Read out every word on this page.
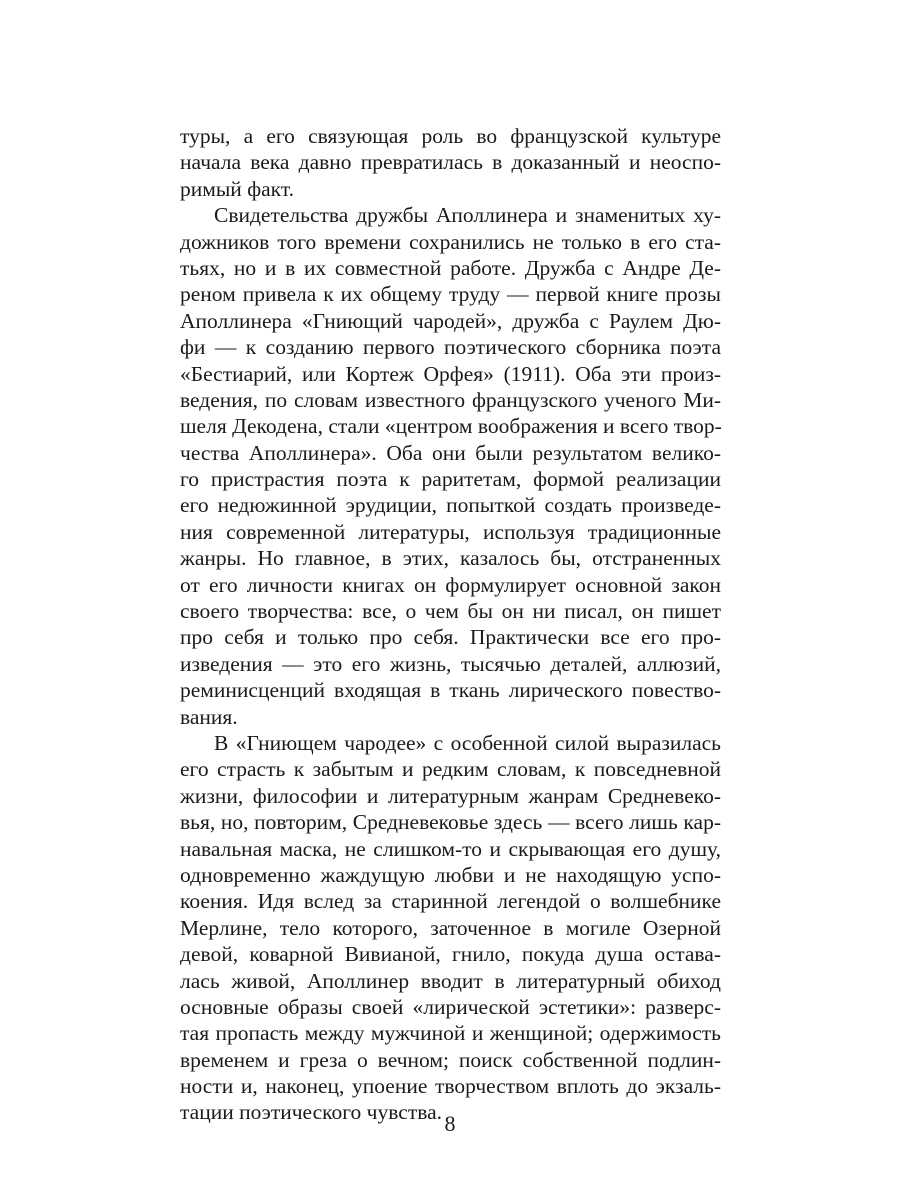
туры, а его связующая роль во французской культуре
начала века давно превратилась в доказанный и неоспо-
римый факт.
Свидетельства дружбы Аполлинера и знаменитых ху-
дожников того времени сохранились не только в его ста-
тьях, но и в их совместной работе. Дружба с Андре Де-
реном привела к их общему труду — первой книге прозы
Аполлинера «Гниющий чародей», дружба с Раулем Дю-
фи — к созданию первого поэтического сборника поэта
«Бестиарий, или Кортеж Орфея» (1911). Оба эти произ-
ведения, по словам известного французского ученого Ми-
шеля Декодена, стали «центром воображения и всего твор-
чества Аполлинера». Оба они были результатом велико-
го пристрастия поэта к раритетам, формой реализации
его недюжинной эрудиции, попыткой создать произведе-
ния современной литературы, используя традиционные
жанры. Но главное, в этих, казалось бы, отстраненных
от его личности книгах он формулирует основной закон
своего творчества: все, о чем бы он ни писал, он пишет
про себя и только про себя. Практически все его про-
изведения — это его жизнь, тысячью деталей, аллюзий,
реминисценций входящая в ткань лирического повество-
вания.
В «Гниющем чародее» с особенной силой выразилась
его страсть к забытым и редким словам, к повседневной
жизни, философии и литературным жанрам Средневеко-
вья, но, повторим, Средневековье здесь — всего лишь кар-
навальная маска, не слишком-то и скрывающая его душу,
одновременно жаждущую любви и не находящую успо-
коения. Идя вслед за старинной легендой о волшебнике
Мерлине, тело которого, заточенное в могиле Озерной
девой, коварной Вивианой, гнило, покуда душа остава-
лась живой, Аполлинер вводит в литературный обиход
основные образы своей «лирической эстетики»: разверс-
тая пропасть между мужчиной и женщиной; одержимость
временем и греза о вечном; поиск собственной подлин-
ности и, наконец, упоение творчеством вплоть до экзаль-
тации поэтического чувства. 8
